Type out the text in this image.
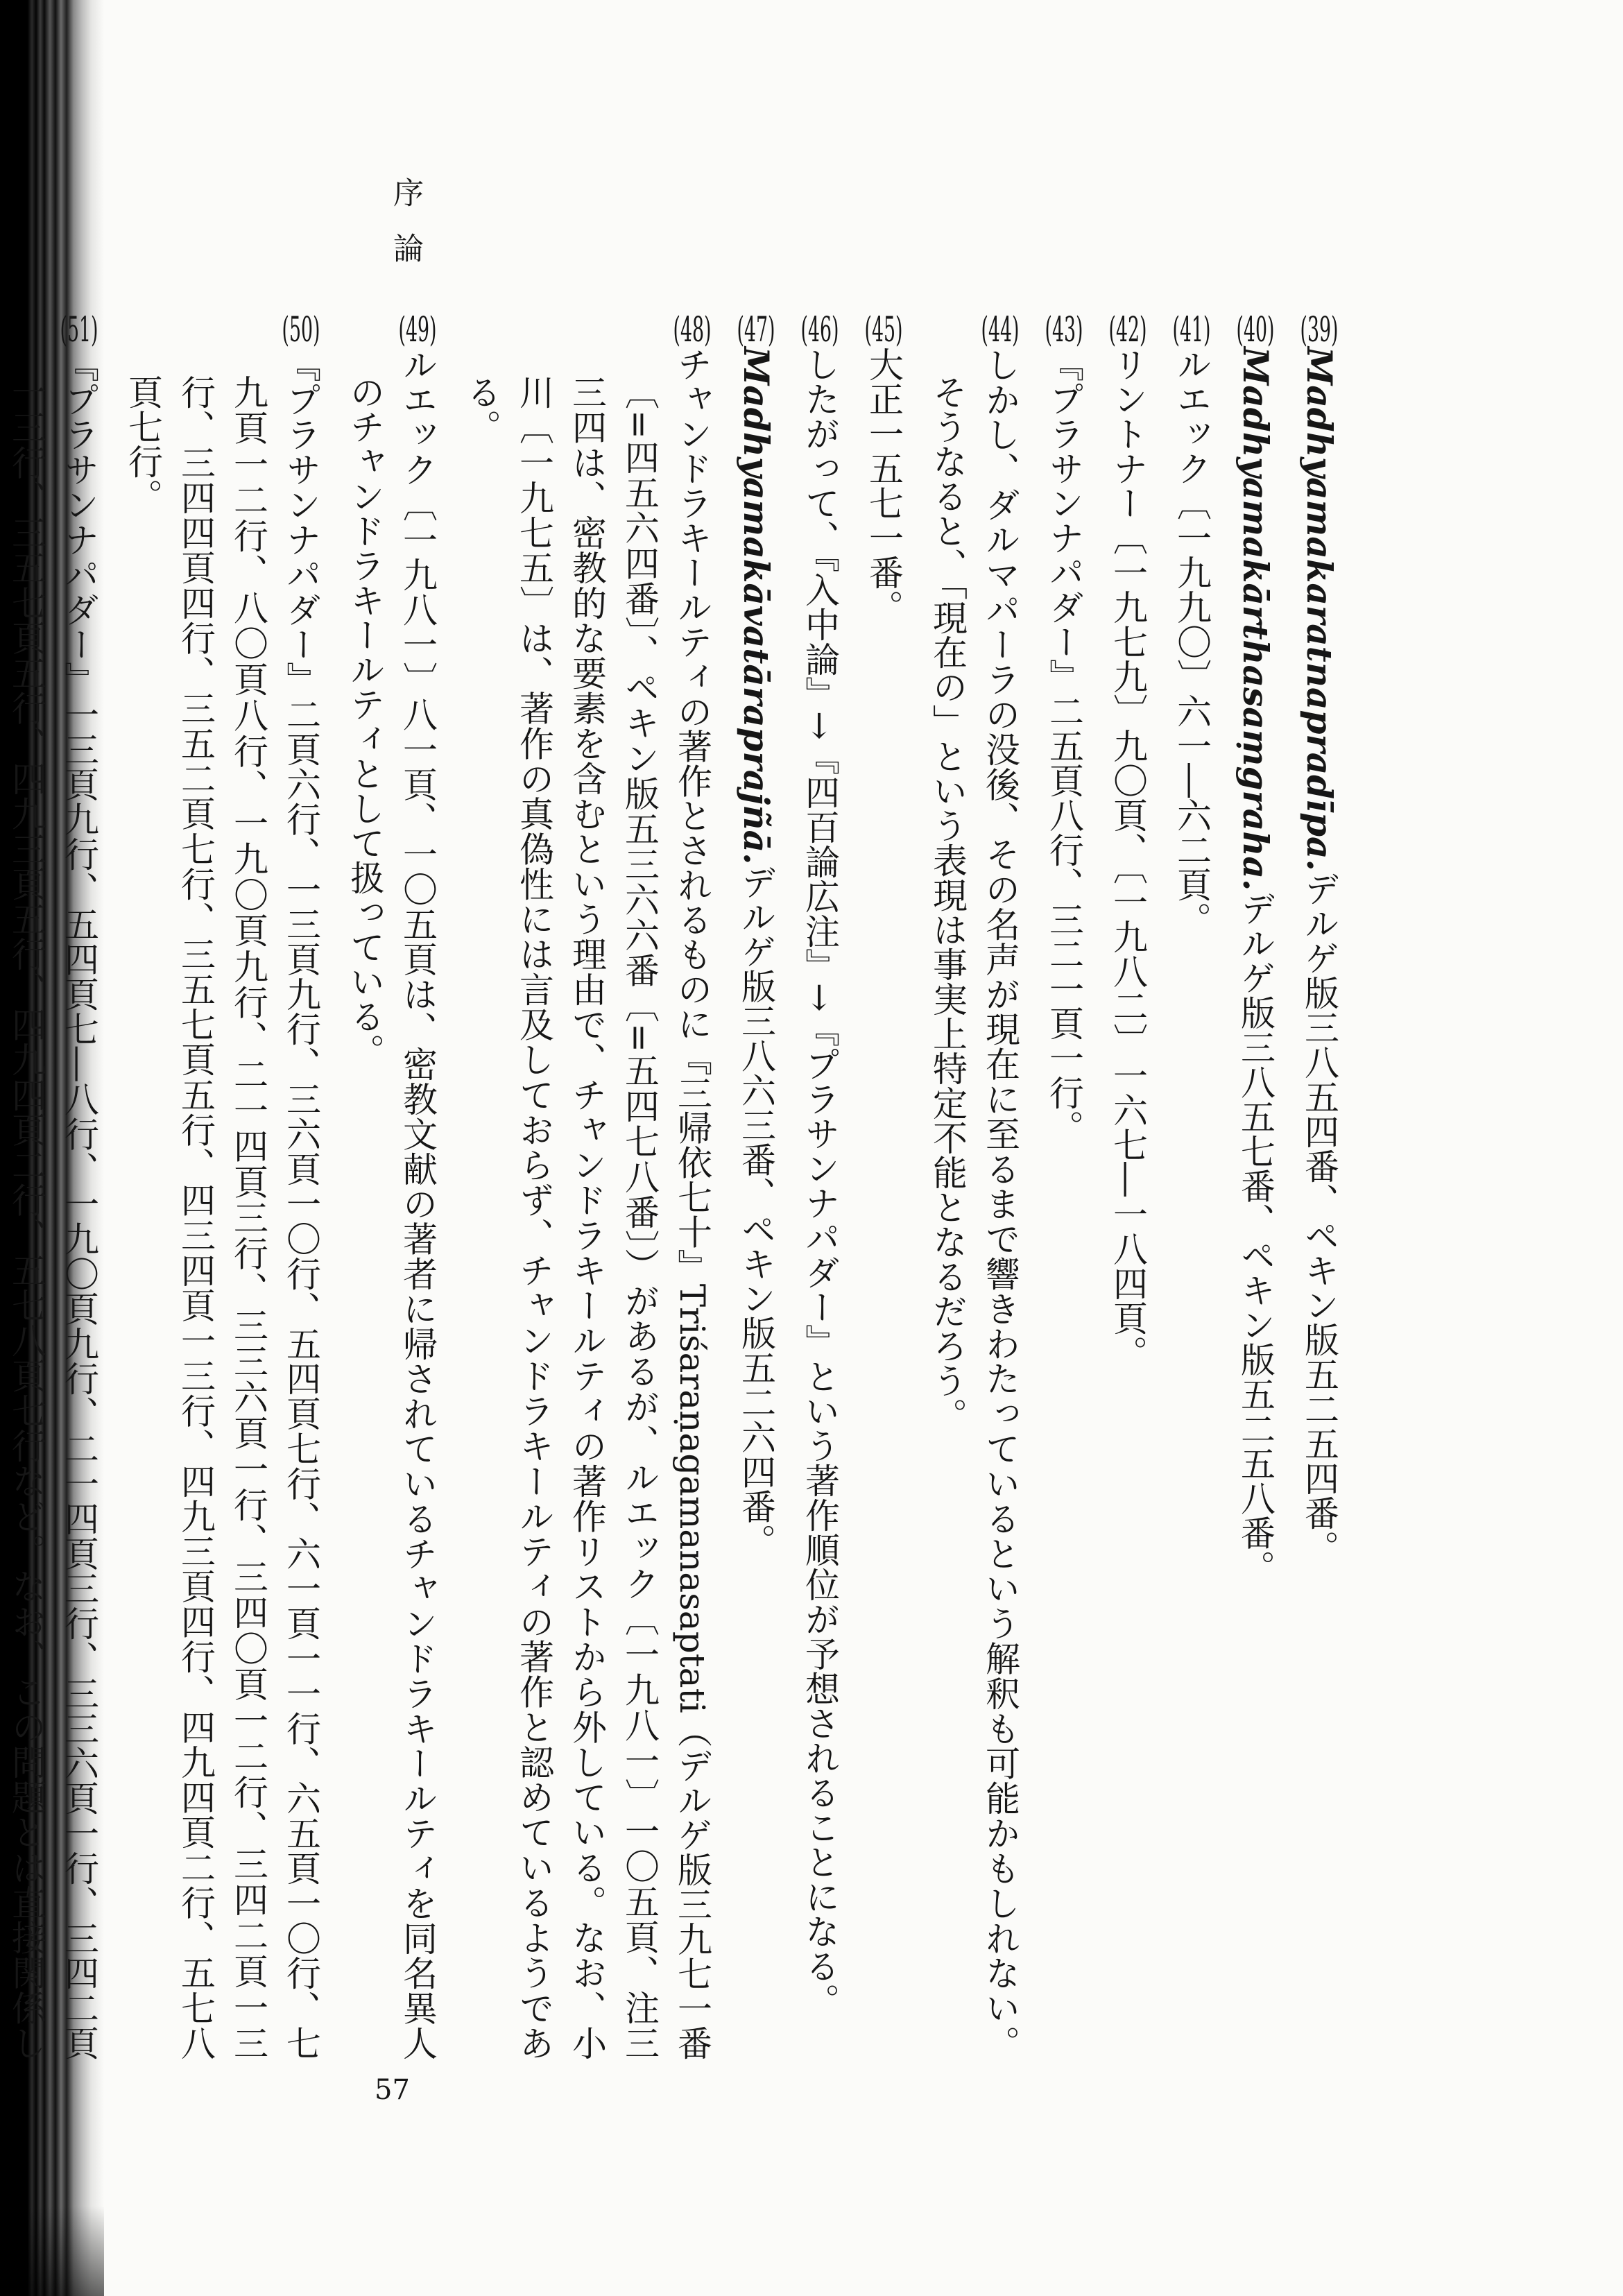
序論
(39)Madhyamakaratnapradīpa.デルゲ版三八五四番、ペキン版五二五四番。
(40)Madhyamakārthasaṃgraha.デルゲ版三八五七番、ペキン版五二五八番。
(41)ルエック〔一九九〇〕六一―六二頁。
(42)リントナー〔一九七九〕九〇頁、〔一九八二〕一六七―一八四頁。
(43)『プラサンナパダー』二五頁八行、三二一頁一行。
(44)しかし、ダルマパーラの没後、その名声が現在に至るまで響きわたっているという解釈も可能かもしれない。そうなると、「現在の」という表現は事実上特定不能となるだろう。
(45)大正一五七一番。
(46)したがって、『入中論』→『四百論広注』→『プラサンナパダー』という著作順位が予想されることになる。
(47)Madhyamakāvatāraprajñā.デルゲ版三八六三番、ペキン版五二六四番。
(48)チャンドラキールティの著作とされるものに『三帰依七十』Triśaraṇagamanasaptati（デルゲ版三九七一番〔=四五六四番〕、ペキン版五三六六番〔=五四七八番〕）があるが、ルエック〔一九八一〕一〇五頁、注三三四は、密教的な要素を含むという理由で、チャンドラキールティの著作リストから外している。なお、小川〔一九七五〕は、著作の真偽性には言及しておらず、チャンドラキールティの著作と認めているようである。
(49)ルエック〔一九八一〕八一頁、一〇五頁は、密教文献の著者に帰されているチャンドラキールティを同名異人のチャンドラキールティとして扱っている。
(50)『プラサンナパダー』二頁六行、一三頁九行、三六頁一〇行、五四頁七行、六一頁一一行、六五頁一〇行、七九頁一二行、八〇頁八行、一九〇頁九行、二一四頁三行、三三六頁一行、三四〇頁一二行、三四二頁一三行、三四四頁四行、三五二頁七行、三五七頁五行、四三四頁一三行、四九三頁四行、四九四頁二行、五七八頁七行。
(51)『プラサンナパダー』一三頁九行、五四頁七―八行、一九〇頁九行、二一四頁三行、三三六頁一行、三四二頁一三行、三五七頁五行、四九三頁五行、四九四頁二行、五七八頁七行など。なお、この問題とは直接関係し
57
